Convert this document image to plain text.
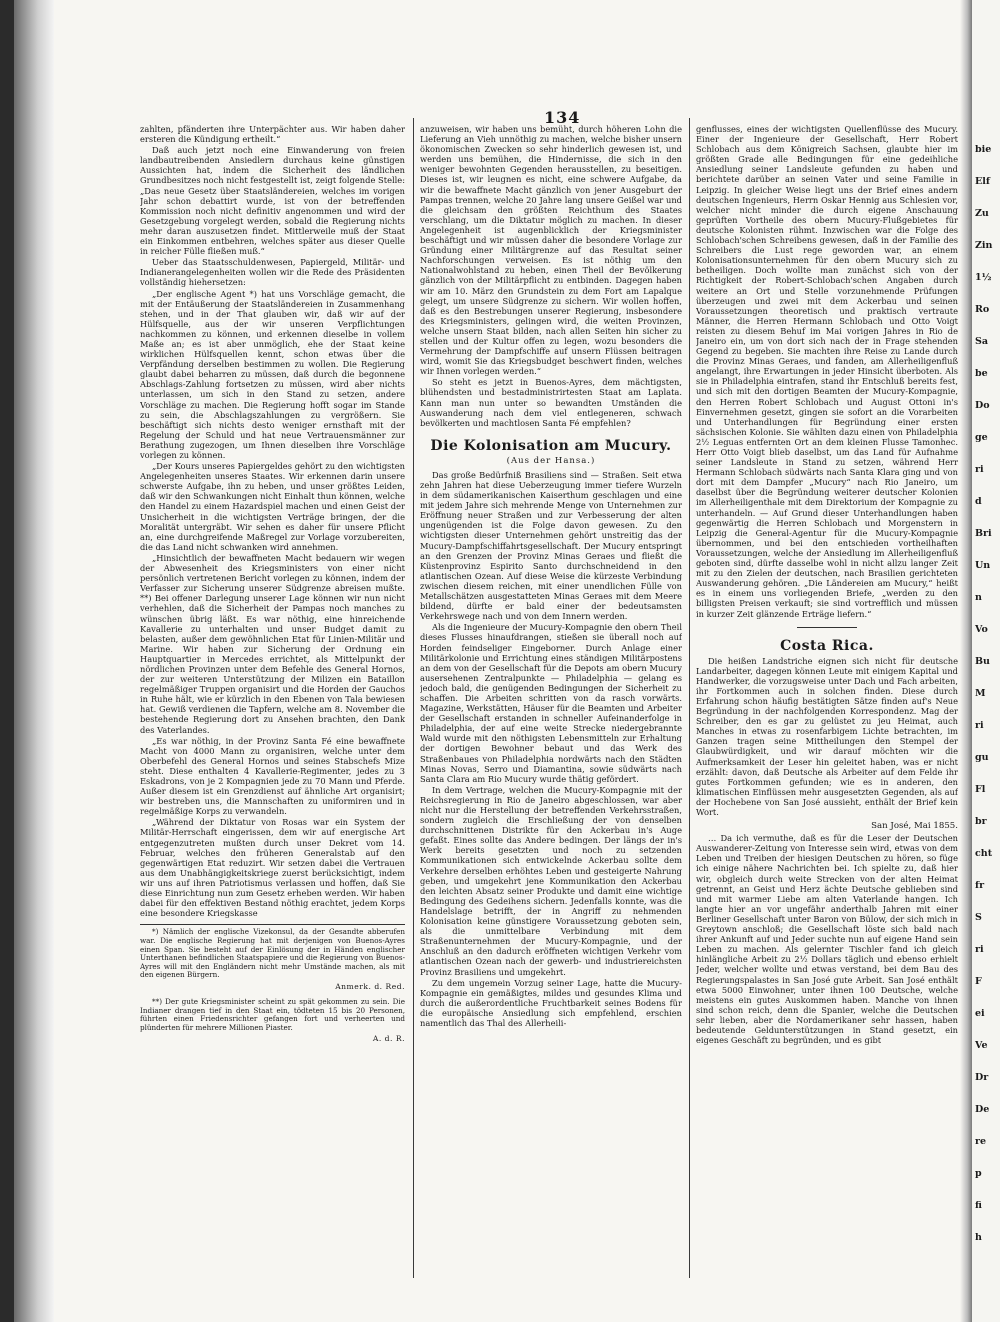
134

zahlten, pfänderten ihre Unterpächter aus. Wir haben daher ersteren die Kündigung ertheilt.“

Daß auch jetzt noch eine Einwanderung von freien landbautreibenden Ansiedlern durchaus keine günstigen Aussichten hat, indem die Sicherheit des ländlichen Grundbesitzes noch nicht festgestellt ist, zeigt folgende Stelle: „Das neue Gesetz über Staatsländereien, welches im vorigen Jahr schon debattirt wurde, ist von der betreffenden Kommission noch nicht definitiv angenommen und wird der Gesetzgebung vorgelegt werden, sobald die Regierung nichts mehr daran auszusetzen findet. Mittlerweile muß der Staat ein Einkommen entbehren, welches später aus dieser Quelle in reicher Fülle fließen muß.“

Ueber das Staatsschuldenwesen, Papiergeld, Militär- und Indianerangelegenheiten wollen wir die Rede des Präsidenten vollständig hiehersetzen:

„Der englische Agent *) hat uns Vorschläge gemacht, die mit der Entäußerung der Staatsländereien in Zusammenhang stehen, und in der That glauben wir, daß wir auf der Hülfsquelle, aus der wir unseren Verpflichtungen nachkommen zu können, und erkennen dieselbe in vollem Maße an; es ist aber unmöglich, ehe der Staat keine wirklichen Hülfsquellen kennt, schon etwas über die Verpfändung derselben bestimmen zu wollen. Die Regierung glaubt dabei beharren zu müssen, daß durch die begonnene Abschlags-Zahlung fortsetzen zu müssen, wird aber nichts unterlassen, um sich in den Stand zu setzen, andere Vorschläge zu machen. Die Regierung hofft sogar im Stande zu sein, die Abschlagszahlungen zu vergrößern. Sie beschäftigt sich nichts desto weniger ernsthaft mit der Regelung der Schuld und hat neue Vertrauensmänner zur Berathung zugezogen, um Ihnen dieselben ihre Vorschläge vorlegen zu können.

„Der Kours unseres Papiergeldes gehört zu den wichtigsten Angelegenheiten unseres Staates. Wir erkennen darin unsere schwerste Aufgabe, ihn zu heben, und unser größtes Leiden, daß wir den Schwankungen nicht Einhalt thun können, welche den Handel zu einem Hazardspiel machen und einen Geist der Unsicherheit in die wichtigsten Verträge bringen, der die Moralität untergräbt. Wir sehen es daher für unsere Pflicht an, eine durchgreifende Maßregel zur Vorlage vorzubereiten, die das Land nicht schwanken wird annehmen.

„Hinsichtlich der bewaffneten Macht bedauern wir wegen der Abwesenheit des Kriegsministers von einer nicht persönlich vertretenen Bericht vorlegen zu können, indem der Verfasser zur Sicherung unserer Südgrenze abreisen mußte. **) Bei offener Darlegung unserer Lage können wir nun nicht verhehlen, daß die Sicherheit der Pampas noch manches zu wünschen übrig läßt. Es war nöthig, eine hinreichende Kavallerie zu unterhalten und unser Budget damit zu belasten, außer dem gewöhnlichen Etat für Linien-Militär und Marine. Wir haben zur Sicherung der Ordnung ein Hauptquartier in Mercedes errichtet, als Mittelpunkt der nördlichen Provinzen unter dem Befehle des General Hornos, der zur weiteren Unterstützung der Milizen ein Bataillon regelmäßiger Truppen organisirt und die Horden der Gauchos in Ruhe hält, wie er kürzlich in den Ebenen von Tala bewiesen hat. Gewiß verdienen die Tapfern, welche am 8. November die bestehende Regierung dort zu Ansehen brachten, den Dank des Vaterlandes.

„Es war nöthig, in der Provinz Santa Fé eine bewaffnete Macht von 4000 Mann zu organisiren, welche unter dem Oberbefehl des General Hornos und seines Stabschefs Mize steht. Diese enthalten 4 Kavallerie-Regimenter, jedes zu 3 Eskadrons, von je 2 Kompagnien jede zu 70 Mann und Pferde. Außer diesem ist ein Grenzdienst auf ähnliche Art organisirt; wir bestreben uns, die Mannschaften zu uniformiren und in regelmäßige Korps zu verwandeln.

„Während der Diktatur von Rosas war ein System der Militär-Herrschaft eingerissen, dem wir auf energische Art entgegenzutreten mußten durch unser Dekret vom 14. Februar, welches den früheren Generalstab auf den gegenwärtigen Etat reduzirt. Wir setzen dabei die Vertrauen aus dem Unabhängigkeitskriege zuerst berücksichtigt, indem wir uns auf ihren Patriotismus verlassen und hoffen, daß Sie diese Einrichtung nun zum Gesetz erheben werden. Wir haben dabei für den effektiven Bestand nöthig erachtet, jedem Korps eine besondere Kriegskasse

*) Nämlich der englische Vizekonsul, da der Gesandte abberufen war. Die englische Regierung hat mit derjenigen von Buenos-Ayres einen Span. Sie besteht auf der Einlösung der in Händen englischer Unterthanen befindlichen Staatspapiere und die Regierung von Buenos-Ayres will mit den Engländern nicht mehr Umstände machen, als mit den eigenen Bürgern.

Anmerk. d. Red.

**) Der gute Kriegsminister scheint zu spät gekommen zu sein. Die Indianer drangen tief in den Staat ein, tödteten 15 bis 20 Personen, führten einen Friedensrichter gefangen fort und verheerten und plünderten für mehrere Millionen Piaster.

A. d. R.

anzuweisen, wir haben uns bemüht, durch höheren Lohn die Lieferung an Vieh unnöthig zu machen, welche bisher unsern ökonomischen Zwecken so sehr hinderlich gewesen ist, und werden uns bemühen, die Hindernisse, die sich in den weniger bewohnten Gegenden herausstellen, zu beseitigen. Dieses ist, wir leugnen es nicht, eine schwere Aufgabe, da wir die bewaffnete Macht gänzlich von jener Ausgeburt der Pampas trennen, welche 20 Jahre lang unsere Geißel war und die gleichsam den größten Reichthum des Staates verschlang, um die Diktatur möglich zu machen. In dieser Angelegenheit ist augenblicklich der Kriegsminister beschäftigt und wir müssen daher die besondere Vorlage zur Gründung einer Militärgrenze auf das Resultat seiner Nachforschungen verweisen. Es ist nöthig um den Nationalwohlstand zu heben, einen Theil der Bevölkerung gänzlich von der Militärpflicht zu entbinden. Dagegen haben wir am 10. März den Grundstein zu dem Fort am Lapalque gelegt, um unsere Südgrenze zu sichern. Wir wollen hoffen, daß es den Bestrebungen unserer Regierung, insbesondere des Kriegsministers, gelingen wird, die weiten Provinzen, welche unsern Staat bilden, nach allen Seiten hin sicher zu stellen und der Kultur offen zu legen, wozu besonders die Vermehrung der Dampfschiffe auf unsern Flüssen beitragen wird, womit Sie das Kriegsbudget beschwert finden, welches wir Ihnen vorlegen werden.“

So steht es jetzt in Buenos-Ayres, dem mächtigsten, blühendsten und bestadministrirtesten Staat am Laplata. Kann man nun unter so bewandten Umständen die Auswanderung nach dem viel entlegeneren, schwach bevölkerten und machtlosen Santa Fé empfehlen?

Die Kolonisation am Mucury.
(Aus der Hansa.)

Das große Bedürfniß Brasiliens sind — Straßen. Seit etwa zehn Jahren hat diese Ueberzeugung immer tiefere Wurzeln in dem südamerikanischen Kaiserthum geschlagen und eine mit jedem Jahre sich mehrende Menge von Unternehmen zur Eröffnung neuer Straßen und zur Verbesserung der alten ungenügenden ist die Folge davon gewesen. Zu den wichtigsten dieser Unternehmen gehört unstreitig das der Mucury-Dampfschiffahrtsgesellschaft. Der Mucury entspringt an den Grenzen der Provinz Minas Geraes und fließt die Küstenprovinz Espirito Santo durchschneidend in den atlantischen Ozean. Auf diese Weise die kürzeste Verbindung zwischen diesem reichen, mit einer unendlichen Fülle von Metallschätzen ausgestatteten Minas Geraes mit dem Meere bildend, dürfte er bald einer der bedeutsamsten Verkehrswege nach und von dem Innern werden.

Als die Ingenieure der Mucury-Kompagnie den obern Theil dieses Flusses hinaufdrangen, stießen sie überall noch auf Horden feindseliger Eingeborner. Durch Anlage einer Militärkolonie und Errichtung eines ständigen Militärpostens an dem von der Gesellschaft für die Depots am obern Mucury ausersehenen Zentralpunkte — Philadelphia — gelang es jedoch bald, die genügenden Bedingungen der Sicherheit zu schaffen. Die Arbeiten schritten von da rasch vorwärts. Magazine, Werkstätten, Häuser für die Beamten und Arbeiter der Gesellschaft erstanden in schneller Aufeinanderfolge in Philadelphia, der auf eine weite Strecke niedergebrannte Wald wurde mit den nöthigsten Lebensmitteln zur Erhaltung der dortigen Bewohner bebaut und das Werk des Straßenbaues von Philadelphia nordwärts nach den Städten Minas Novas, Serro und Diamantina, sowie südwärts nach Santa Clara am Rio Mucury wurde thätig gefördert.

In dem Vertrage, welchen die Mucury-Kompagnie mit der Reichsregierung in Rio de Janeiro abgeschlossen, war aber nicht nur die Herstellung der betreffenden Verkehrsstraßen, sondern zugleich die Erschließung der von denselben durchschnittenen Distrikte für den Ackerbau in's Auge gefaßt. Eines sollte das Andere bedingen. Der längs der in's Werk bereits gesetzten und noch zu setzenden Kommunikationen sich entwickelnde Ackerbau sollte dem Verkehre derselben erhöhtes Leben und gesteigerte Nahrung geben, und umgekehrt jene Kommunikation den Ackerbau den leichten Absatz seiner Produkte und damit eine wichtige Bedingung des Gedeihens sichern. Jedenfalls konnte, was die Handelslage betrifft, der in Angriff zu nehmenden Kolonisation keine günstigere Voraussetzung geboten sein, als die unmittelbare Verbindung mit dem Straßenunternehmen der Mucury-Kompagnie, und der Anschluß an den dadurch eröffneten wichtigen Verkehr vom atlantischen Ozean nach der gewerb- und industriereichsten Provinz Brasiliens und umgekehrt.

Zu dem ungemein Vorzug seiner Lage, hatte die Mucury-Kompagnie ein gemäßigtes, mildes und gesundes Klima und durch die außerordentliche Fruchtbarkeit seines Bodens für die europäische Ansiedlung sich empfehlend, erschien namentlich das Thal des Allerheili-

genflusses, eines der wichtigsten Quellenflüsse des Mucury. Einer der Ingenieure der Gesellschaft, Herr Robert Schlobach aus dem Königreich Sachsen, glaubte hier im größten Grade alle Bedingungen für eine gedeihliche Ansiedlung seiner Landsleute gefunden zu haben und berichtete darüber an seinen Vater und seine Familie in Leipzig. In gleicher Weise liegt uns der Brief eines andern deutschen Ingenieurs, Herrn Oskar Hennig aus Schlesien vor, welcher nicht minder die durch eigene Anschauung geprüften Vortheile des obern Mucury-Flußgebietes für deutsche Kolonisten rühmt. Inzwischen war die Folge des Schlobach'schen Schreibens gewesen, daß in der Familie des Schreibers die Lust rege geworden war, an einem Kolonisationsunternehmen für den obern Mucury sich zu betheiligen. Doch wollte man zunächst sich von der Richtigkeit der Robert-Schlobach'schen Angaben durch weitere an Ort und Stelle vorzunehmende Prüfungen überzeugen und zwei mit dem Ackerbau und seinen Voraussetzungen theoretisch und praktisch vertraute Männer, die Herren Hermann Schlobach und Otto Voigt reisten zu diesem Behuf im Mai vorigen Jahres in Rio de Janeiro ein, um von dort sich nach der in Frage stehenden Gegend zu begeben. Sie machten ihre Reise zu Lande durch die Provinz Minas Geraes, und fanden, am Allerheiligenfluß angelangt, ihre Erwartungen in jeder Hinsicht überboten. Als sie in Philadelphia eintrafen, stand ihr Entschluß bereits fest, und sich mit den dortigen Beamten der Mucury-Kompagnie, den Herren Robert Schlobach und August Ottoni in's Einvernehmen gesetzt, gingen sie sofort an die Vorarbeiten und Unterhandlungen für Begründung einer ersten sächsischen Kolonie. Sie wählten dazu einen von Philadelphia 2½ Leguas entfernten Ort an dem kleinen Flusse Tamonhec. Herr Otto Voigt blieb daselbst, um das Land für Aufnahme seiner Landsleute in Stand zu setzen, während Herr Hermann Schlobach südwärts nach Santa Klara ging und von dort mit dem Dampfer „Mucury“ nach Rio Janeiro, um daselbst über die Begründung weiterer deutscher Kolonien im Allerheiligenthale mit dem Direktorium der Kompagnie zu unterhandeln. — Auf Grund dieser Unterhandlungen haben gegenwärtig die Herren Schlobach und Morgenstern in Leipzig die General-Agentur für die Mucury-Kompagnie übernommen, und bei den entschieden vortheilhaften Voraussetzungen, welche der Ansiedlung im Allerheiligenfluß geboten sind, dürfte dasselbe wohl in nicht allzu langer Zeit mit zu den Zielen der deutschen, nach Brasilien gerichteten Auswanderung gehören. „Die Ländereien am Mucury,“ heißt es in einem uns vorliegenden Briefe, „werden zu den billigsten Preisen verkauft; sie sind vortrefflich und müssen in kurzer Zeit glänzende Erträge liefern.“

Costa Rica.

Die heißen Landstriche eignen sich nicht für deutsche Landarbeiter, dagegen können Leute mit einigem Kapital und Handwerker, die vorzugsweise unter Dach und Fach arbeiten, ihr Fortkommen auch in solchen finden. Diese durch Erfahrung schon häufig bestätigten Sätze finden auf's Neue Begründung in der nachfolgenden Korrespondenz. Mag der Schreiber, den es gar zu gelüstet zu jeu Heimat, auch Manches in etwas zu rosenfarbigem Lichte betrachten, im Ganzen tragen seine Mittheilungen den Stempel der Glaubwürdigkeit, und wir darauf möchten wir die Aufmerksamkeit der Leser hin geleitet haben, was er nicht erzählt: davon, daß Deutsche als Arbeiter auf dem Felde ihr gutes Fortkommen gefunden; wie es in anderen, den klimatischen Einflüssen mehr ausgesetzten Gegenden, als auf der Hochebene von San José aussieht, enthält der Brief kein Wort.

San José, Mai 1855.

… Da ich vermuthe, daß es für die Leser der Deutschen Auswanderer-Zeitung von Interesse sein wird, etwas von dem Leben und Treiben der hiesigen Deutschen zu hören, so füge ich einige nähere Nachrichten bei. Ich spielte zu, daß hier wir, obgleich durch weite Strecken von der alten Heimat getrennt, an Geist und Herz ächte Deutsche geblieben sind und mit warmer Liebe am alten Vaterlande hangen. Ich langte hier an vor ungefähr anderthalb Jahren mit einer Berliner Gesellschaft unter Baron von Bülow, der sich mich in Greytown anschloß; die Gesellschaft löste sich bald nach ihrer Ankunft auf und Jeder suchte nun auf eigene Hand sein Leben zu machen. Als gelernter Tischler fand ich gleich hinlängliche Arbeit zu 2½ Dollars täglich und ebenso erhielt Jeder, welcher wollte und etwas verstand, bei dem Bau des Regierungspalastes in San José gute Arbeit. San José enthält etwa 5000 Einwohner, unter ihnen 100 Deutsche, welche meistens ein gutes Auskommen haben. Manche von ihnen sind schon reich, denn die Spanier, welche die Deutschen sehr lieben, aber die Nordamerikaner sehr hassen, haben bedeutende Geldunterstützungen in Stand gesetzt, ein eigenes Geschäft zu begründen, und es gibt

bie
Elf
Zu
Zin
1½
Ro
Sa
be
Do
ge
ri
d
Bri
Un
n
Vo
Bu
M
ri
gu
Fl
br
cht
fr
S
ri
F
ei
Ve
Dr
De
re
p
fi
h
